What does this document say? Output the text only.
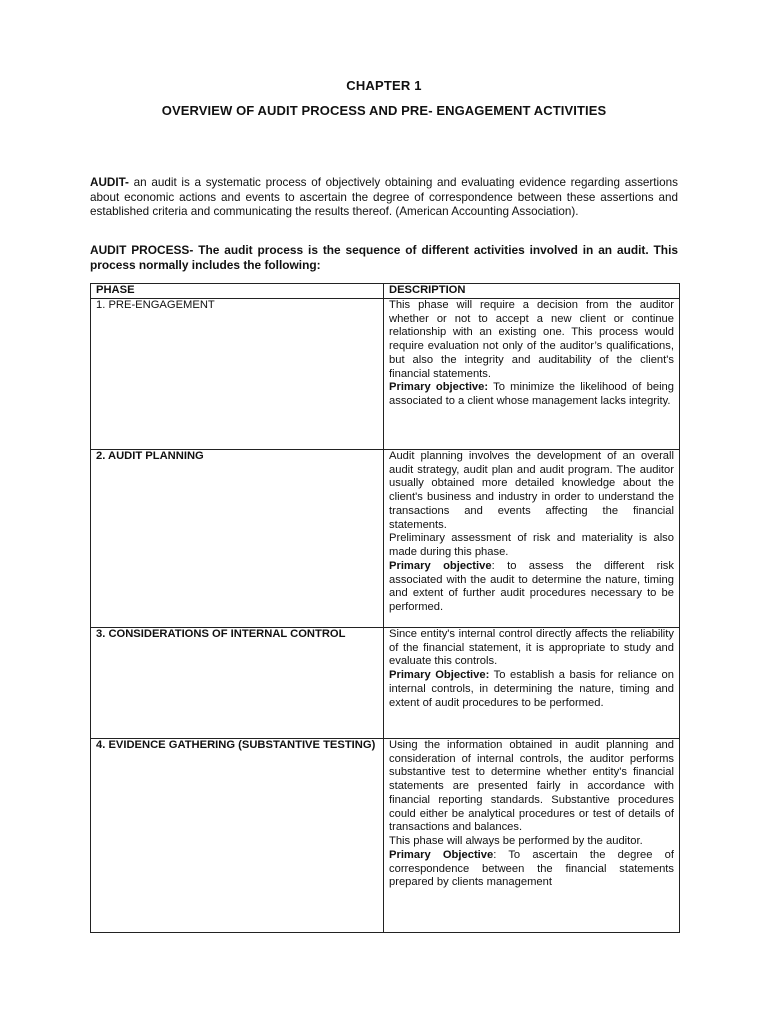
CHAPTER 1
OVERVIEW OF AUDIT PROCESS AND PRE- ENGAGEMENT ACTIVITIES
AUDIT- an audit is a systematic process of objectively obtaining and evaluating evidence regarding assertions about economic actions and events to ascertain the degree of correspondence between these assertions and established criteria and communicating the results thereof. (American Accounting Association).
AUDIT PROCESS- The audit process is the sequence of different activities involved in an audit. This process normally includes the following:
PHASE	DESCRIPTION
1. PRE-ENGAGEMENT	This phase will require a decision from the auditor whether or not to accept a new client or continue relationship with an existing one. This process would require evaluation not only of the auditor’s qualifications, but also the integrity and auditability of the client's financial statements.

Primary objective: To minimize the likelihood of being associated to a client whose management lacks integrity.

2. AUDIT PLANNING	Audit planning involves the development of an overall audit strategy, audit plan and audit program. The auditor usually obtained more detailed knowledge about the client's business and industry in order to understand the transactions and events affecting the financial statements.

Preliminary assessment of risk and materiality is also made during this phase.

Primary objective: to assess the different risk associated with the audit to determine the nature, timing and extent of further audit procedures necessary to be performed.

3. CONSIDERATIONS OF INTERNAL CONTROL	Since entity's internal control directly affects the reliability of the financial statement, it is appropriate to study and evaluate this controls.

Primary Objective: To establish a basis for reliance on internal controls, in determining the nature, timing and extent of audit procedures to be performed.

4. EVIDENCE GATHERING (SUBSTANTIVE TESTING)	Using the information obtained in audit planning and consideration of internal controls, the auditor performs substantive test to determine whether entity's financial statements are presented fairly in accordance with financial reporting standards. Substantive procedures could either be analytical procedures or test of details of transactions and balances.

This phase will always be performed by the auditor.

Primary Objective: To ascertain the degree of correspondence between the financial statements prepared by clients management
